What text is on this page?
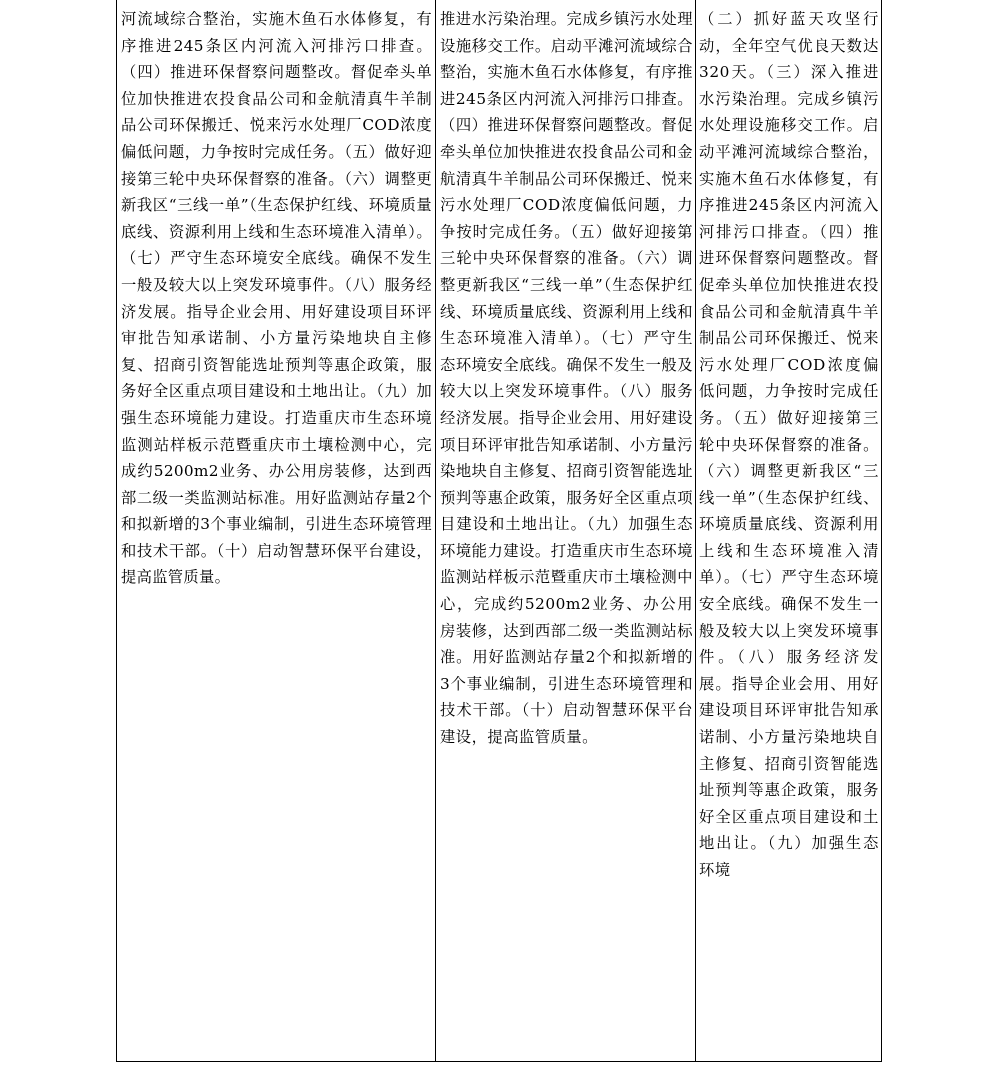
河流域综合整治，实施木鱼石水体修复，有序推进245条区内河流入河排污口排查。（四）推进环保督察问题整改。督促牵头单位加快推进农投食品公司和金航清真牛羊制品公司环保搬迁、悦来污水处理厂COD浓度偏低问题，力争按时完成任务。（五）做好迎接第三轮中央环保督察的准备。（六）调整更新我区“三线一单”（生态保护红线、环境质量底线、资源利用上线和生态环境准入清单）。（七）严守生态环境安全底线。确保不发生一般及较大以上突发环境事件。（八）服务经济发展。指导企业会用、用好建设项目环评审批告知承诺制、小方量污染地块自主修复、招商引资智能选址预判等惠企政策，服务好全区重点项目建设和土地出让。（九）加强生态环境能力建设。打造重庆市生态环境监测站样板示范暨重庆市土壤检测中心，完成约5200m2业务、办公用房装修，达到西部二级一类监测站标准。用好监测站存量2个和拟新增的3个事业编制，引进生态环境管理和技术干部。（十）启动智慧环保平台建设，提高监管质量。

推进水污染治理。完成乡镇污水处理设施移交工作。启动平滩河流域综合整治，实施木鱼石水体修复，有序推进245条区内河流入河排污口排查。（四）推进环保督察问题整改。督促牵头单位加快推进农投食品公司和金航清真牛羊制品公司环保搬迁、悦来污水处理厂COD浓度偏低问题，力争按时完成任务。（五）做好迎接第三轮中央环保督察的准备。（六）调整更新我区“三线一单”（生态保护红线、环境质量底线、资源利用上线和生态环境准入清单）。（七）严守生态环境安全底线。确保不发生一般及较大以上突发环境事件。（八）服务经济发展。指导企业会用、用好建设项目环评审批告知承诺制、小方量污染地块自主修复、招商引资智能选址预判等惠企政策，服务好全区重点项目建设和土地出让。（九）加强生态环境能力建设。打造重庆市生态环境监测站样板示范暨重庆市土壤检测中心，完成约5200m2业务、办公用房装修，达到西部二级一类监测站标准。用好监测站存量2个和拟新增的3个事业编制，引进生态环境管理和技术干部。（十）启动智慧环保平台建设，提高监管质量。

（二）抓好蓝天攻坚行动，全年空气优良天数达320天。（三）深入推进水污染治理。完成乡镇污水处理设施移交工作。启动平滩河流域综合整治，实施木鱼石水体修复，有序推进245条区内河流入河排污口排查。（四）推进环保督察问题整改。督促牵头单位加快推进农投食品公司和金航清真牛羊制品公司环保搬迁、悦来污水处理厂COD浓度偏低问题，力争按时完成任务。（五）做好迎接第三轮中央环保督察的准备。（六）调整更新我区“三线一单”（生态保护红线、环境质量底线、资源利用上线和生态环境准入清单）。（七）严守生态环境安全底线。确保不发生一般及较大以上突发环境事件。（八）服务经济发展。指导企业会用、用好建设项目环评审批告知承诺制、小方量污染地块自主修复、招商引资智能选址预判等惠企政策，服务好全区重点项目建设和土地出让。（九）加强生态环境
